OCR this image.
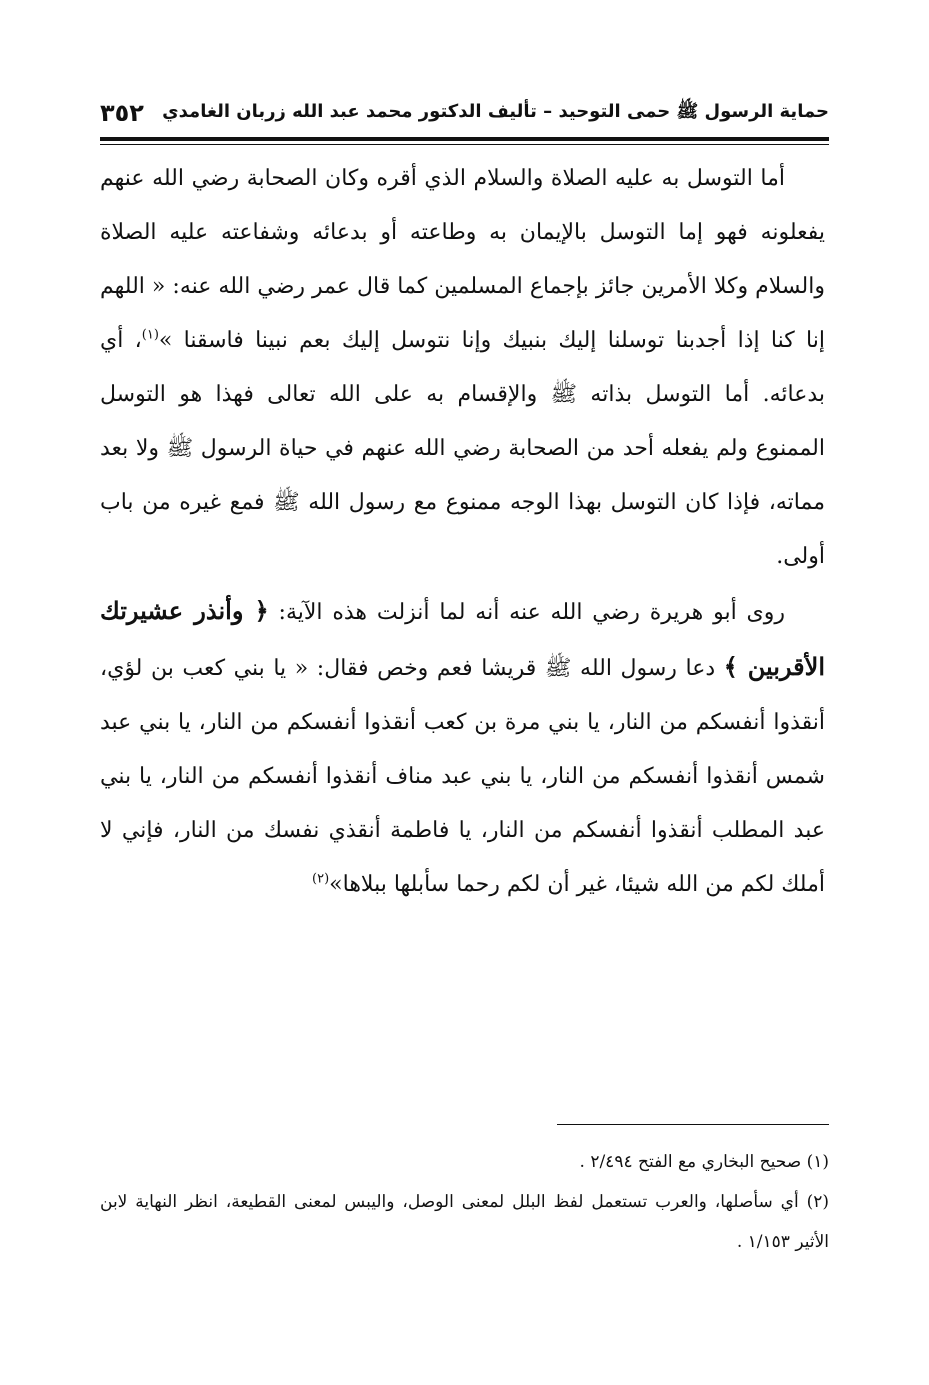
حماية الرسول ﷺ حمى التوحيد – تأليف الدكتور محمد عبد الله زربان الغامدي
٣٥٢

أما التوسل به عليه الصلاة والسلام الذي أقره وكان الصحابة رضي الله عنهم يفعلونه فهو إما التوسل بالإيمان به وطاعته أو بدعائه وشفاعته عليه الصلاة والسلام وكلا الأمرين جائز بإجماع المسلمين كما قال عمر رضي الله عنه: « اللهم إنا كنا إذا أجدبنا توسلنا إليك بنبيك وإنا نتوسل إليك بعم نبينا فاسقنا »$^{(١)}$، أي بدعائه. أما التوسل بذاته ﷺ والإقسام به على الله تعالى فهذا هو التوسل الممنوع ولم يفعله أحد من الصحابة رضي الله عنهم في حياة الرسول ﷺ ولا بعد مماته، فإذا كان التوسل بهذا الوجه ممنوع مع رسول الله ﷺ فمع غيره من باب أولى.

روى أبو هريرة رضي الله عنه أنه لما أنزلت هذه الآية: ﴿ وأنذر عشيرتك الأقربين ﴾ دعا رسول الله ﷺ قريشا فعم وخص فقال: « يا بني كعب بن لؤي، أنقذوا أنفسكم من النار، يا بني مرة بن كعب أنقذوا أنفسكم من النار، يا بني عبد شمس أنقذوا أنفسكم من النار، يا بني عبد مناف أنقذوا أنفسكم من النار، يا بني عبد المطلب أنقذوا أنفسكم من النار، يا فاطمة أنقذي نفسك من النار، فإني لا أملك لكم من الله شيئا، غير أن لكم رحما سأبلها ببلاها»$^{(٢)}$

(١) صحيح البخاري مع الفتح ٢/٤٩٤ .

(٢) أي سأصلها، والعرب تستعمل لفظ البلل لمعنى الوصل، واليبس لمعنى القطيعة، انظر النهاية لابن الأثير ١/١٥٣ .
